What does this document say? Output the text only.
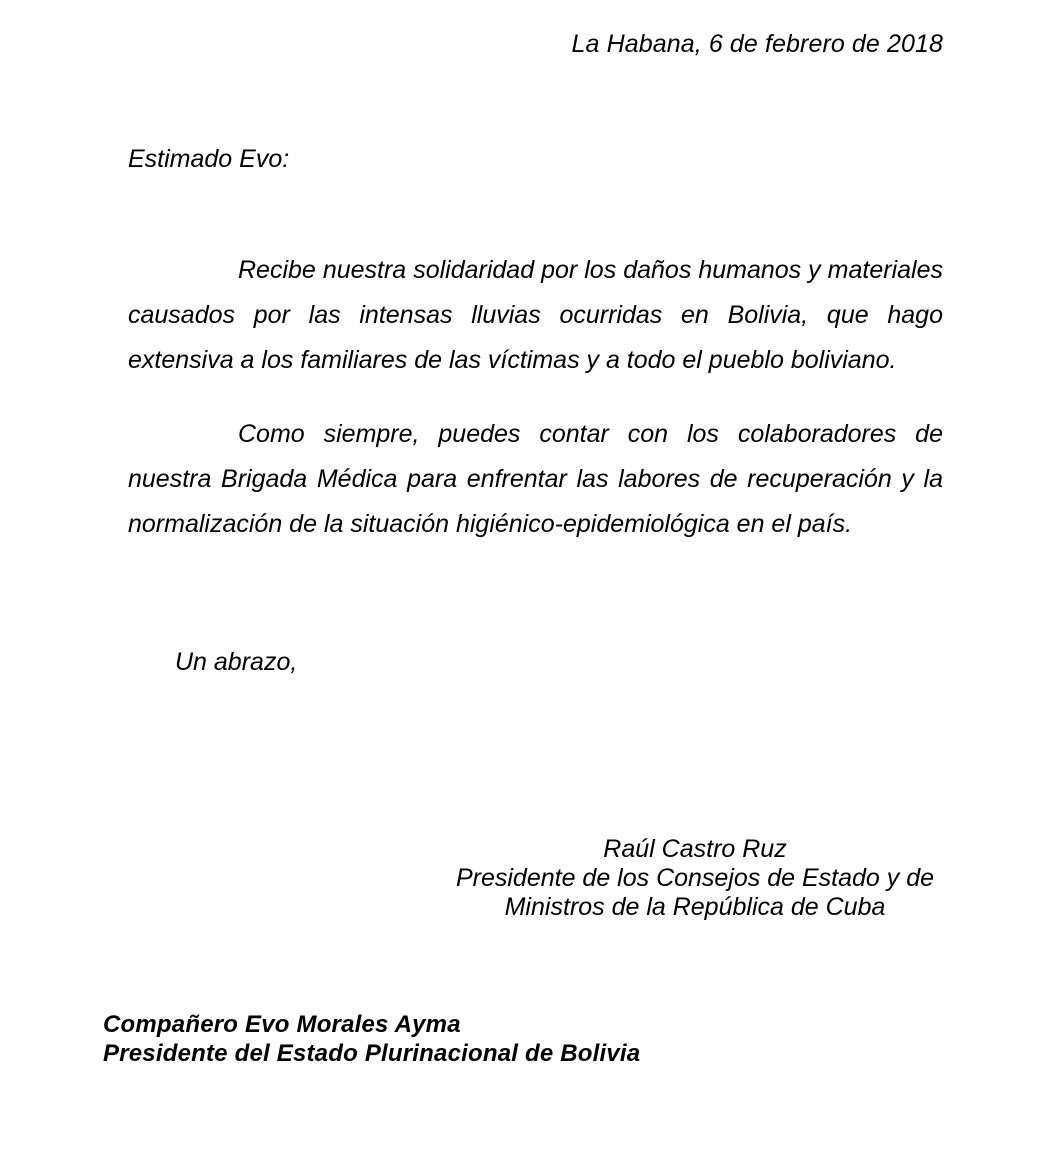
La Habana, 6 de febrero de 2018
Estimado Evo:

Recibe nuestra solidaridad por los daños humanos y materiales causados por las intensas lluvias ocurridas en Bolivia, que hago extensiva a los familiares de las víctimas y a todo el pueblo boliviano.

Como siempre, puedes contar con los colaboradores de nuestra Brigada Médica para enfrentar las labores de recuperación y la normalización de la situación higiénico-epidemiológica en el país.

Un abrazo,
Raúl Castro Ruz
Presidente de los Consejos de Estado y de
Ministros de la República de Cuba
Compañero Evo Morales Ayma
Presidente del Estado Plurinacional de Bolivia
